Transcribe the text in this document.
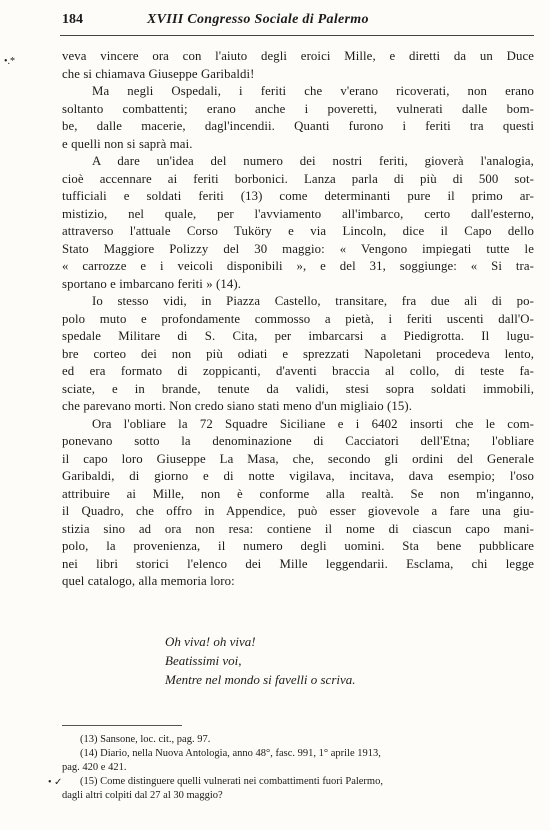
184	XVIII Congresso Sociale di Palermo
•.*
• ✓
veva vincere ora con l'aiuto degli eroici Mille, e diretti da un Duce
che si chiamava Giuseppe Garibaldi!
Ma negli Ospedali, i feriti che v'erano ricoverati, non erano
soltanto combattenti; erano anche i poveretti, vulnerati dalle bom-
be, dalle macerie, dagl'incendii. Quanti furono i feriti tra questi
e quelli non si saprà mai.
A dare un'idea del numero dei nostri feriti, gioverà l'analogia,
cioè accennare ai feriti borbonici. Lanza parla di più di 500 sot-
tufficiali e soldati feriti (13) come determinanti pure il primo ar-
mistizio, nel quale, per l'avviamento all'imbarco, certo dall'esterno,
attraverso l'attuale Corso Tuköry e via Lincoln, dice il Capo dello
Stato Maggiore Polizzy del 30 maggio: « Vengono impiegati tutte le
« carrozze e i veicoli disponibili », e del 31, soggiunge: « Si tra-
sportano e imbarcano feriti » (14).
Io stesso vidi, in Piazza Castello, transitare, fra due ali di po-
polo muto e profondamente commosso a pietà, i feriti uscenti dall'O-
spedale Militare di S. Cita, per imbarcarsi a Piedigrotta. Il lugu-
bre corteo dei non più odiati e sprezzati Napoletani procedeva lento,
ed era formato di zoppicanti, d'aventi braccia al collo, di teste fa-
sciate, e in brande, tenute da validi, stesi sopra soldati immobili,
che parevano morti. Non credo siano stati meno d'un migliaio (15).
Ora l'obliare la 72 Squadre Siciliane e i 6402 insorti che le com-
ponevano sotto la denominazione di Cacciatori dell'Etna; l'obliare
il capo loro Giuseppe La Masa, che, secondo gli ordini del Generale
Garibaldi, di giorno e di notte vigilava, incitava, dava esempio; l'oso
attribuire ai Mille, non è conforme alla realtà. Se non m'inganno,
il Quadro, che offro in Appendice, può esser giovevole a fare una giu-
stizia sino ad ora non resa: contiene il nome di ciascun capo mani-
polo, la provenienza, il numero degli uomini. Sta bene pubblicare
nei libri storici l'elenco dei Mille leggendarii. Esclama, chi legge
quel catalogo, alla memoria loro:
Oh viva! oh viva!
Beatissimi voi,
Mentre nel mondo si favelli o scriva.
(13) Sansone, loc. cit., pag. 97.
(14) Diario, nella Nuova Antologia, anno 48°, fasc. 991, 1° aprile 1913,
pag. 420 e 421.
(15) Come distinguere quelli vulnerati nei combattimenti fuori Palermo,
dagli altri colpiti dal 27 al 30 maggio?
